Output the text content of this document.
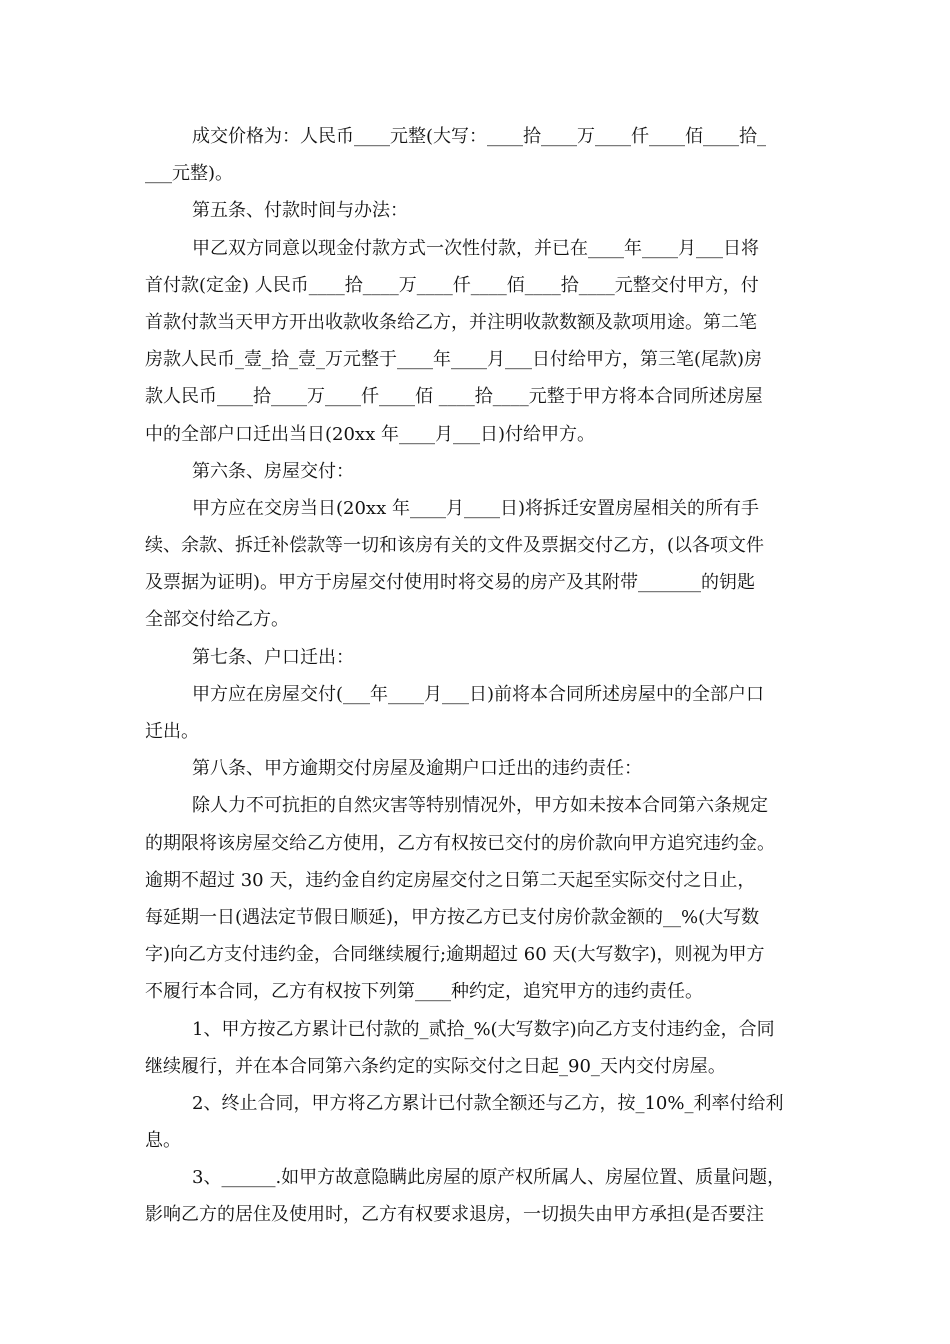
成交价格为：人民币____元整(大写：____拾____万____仟____佰____拾_
___元整)。
第五条、付款时间与办法：
甲乙双方同意以现金付款方式一次性付款，并已在____年____月___日将
首付款(定金) 人民币____拾____万____仟____佰____拾____元整交付甲方，付
首款付款当天甲方开出收款收条给乙方，并注明收款数额及款项用途。第二笔
房款人民币_壹_拾_壹_万元整于____年____月___日付给甲方，第三笔(尾款)房
款人民币____拾____万____仟____佰 ____拾____元整于甲方将本合同所述房屋
中的全部户口迁出当日(20xx 年____月___日)付给甲方。
第六条、房屋交付：
甲方应在交房当日(20xx 年____月____日)将拆迁安置房屋相关的所有手
续、余款、拆迁补偿款等一切和该房有关的文件及票据交付乙方，(以各项文件
及票据为证明)。甲方于房屋交付使用时将交易的房产及其附带_______的钥匙
全部交付给乙方。
第七条、户口迁出：
甲方应在房屋交付(___年____月___日)前将本合同所述房屋中的全部户口
迁出。
第八条、甲方逾期交付房屋及逾期户口迁出的违约责任：
除人力不可抗拒的自然灾害等特别情况外，甲方如未按本合同第六条规定
的期限将该房屋交给乙方使用，乙方有权按已交付的房价款向甲方追究违约金。
逾期不超过 30 天，违约金自约定房屋交付之日第二天起至实际交付之日止，
每延期一日(遇法定节假日顺延)，甲方按乙方已支付房价款金额的__%(大写数
字)向乙方支付违约金，合同继续履行;逾期超过 60 天(大写数字)，则视为甲方
不履行本合同，乙方有权按下列第____种约定，追究甲方的违约责任。
1、甲方按乙方累计已付款的_贰拾_%(大写数字)向乙方支付违约金，合同
继续履行，并在本合同第六条约定的实际交付之日起_90_天内交付房屋。
2、终止合同，甲方将乙方累计已付款全额还与乙方，按_10%_利率付给利
息。
3、______.如甲方故意隐瞒此房屋的原产权所属人、房屋位置、质量问题，
影响乙方的居住及使用时，乙方有权要求退房，一切损失由甲方承担(是否要注
